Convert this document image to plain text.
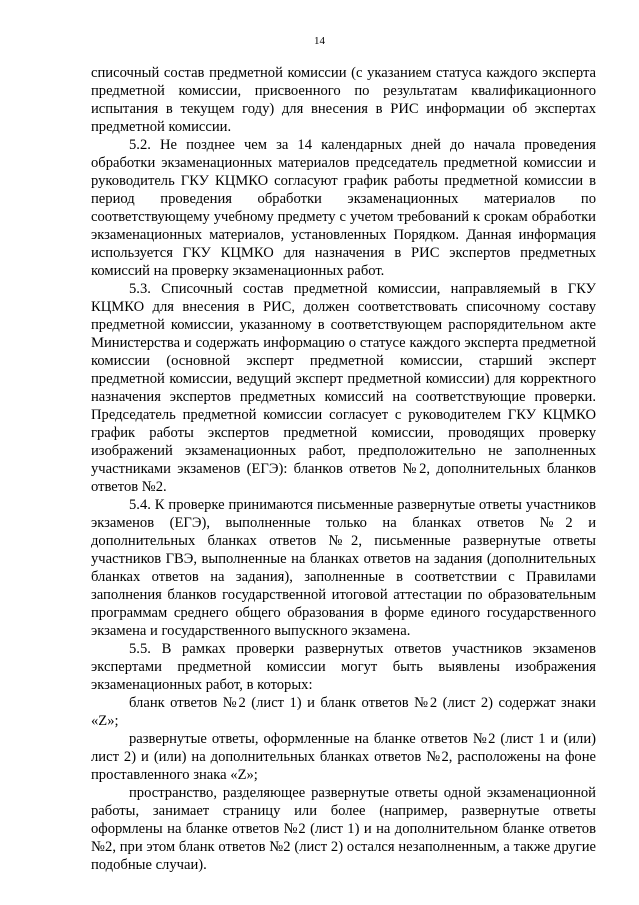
14

списочный состав предметной комиссии (с указанием статуса каждого эксперта предметной комиссии, присвоенного по результатам квалификационного испытания в текущем году) для внесения в РИС информации об экспертах предметной комиссии.

5.2. Не позднее чем за 14 календарных дней до начала проведения обработки экзаменационных материалов председатель предметной комиссии и руководитель ГКУ КЦМКО согласуют график работы предметной комиссии в период проведения обработки экзаменационных материалов по соответствующему учебному предмету с учетом требований к срокам обработки экзаменационных материалов, установленных Порядком. Данная информация используется ГКУ КЦМКО для назначения в РИС экспертов предметных комиссий на проверку экзаменационных работ.

5.3. Списочный состав предметной комиссии, направляемый в ГКУ КЦМКО для внесения в РИС, должен соответствовать списочному составу предметной комиссии, указанному в соответствующем распорядительном акте Министерства и содержать информацию о статусе каждого эксперта предметной комиссии (основной эксперт предметной комиссии, старший эксперт предметной комиссии, ведущий эксперт предметной комиссии) для корректного назначения экспертов предметных комиссий на соответствующие проверки. Председатель предметной комиссии согласует с руководителем ГКУ КЦМКО график работы экспертов предметной комиссии, проводящих проверку изображений экзаменационных работ, предположительно не заполненных участниками экзаменов (ЕГЭ): бланков ответов №2, дополнительных бланков ответов №2.

5.4. К проверке принимаются письменные развернутые ответы участников экзаменов (ЕГЭ), выполненные только на бланках ответов №2 и дополнительных бланках ответов №2, письменные развернутые ответы участников ГВЭ, выполненные на бланках ответов на задания (дополнительных бланках ответов на задания), заполненные в соответствии с Правилами заполнения бланков государственной итоговой аттестации по образовательным программам среднего общего образования в форме единого государственного экзамена и государственного выпускного экзамена.

5.5. В рамках проверки развернутых ответов участников экзаменов экспертами предметной комиссии могут быть выявлены изображения экзаменационных работ, в которых:

бланк ответов №2 (лист 1) и бланк ответов №2 (лист 2) содержат знаки «Z»;

развернутые ответы, оформленные на бланке ответов №2 (лист 1 и (или) лист 2) и (или) на дополнительных бланках ответов №2, расположены на фоне проставленного знака «Z»;

пространство, разделяющее развернутые ответы одной экзаменационной работы, занимает страницу или более (например, развернутые ответы оформлены на бланке ответов №2 (лист 1) и на дополнительном бланке ответов №2, при этом бланк ответов №2 (лист 2) остался незаполненным, а также другие подобные случаи).
